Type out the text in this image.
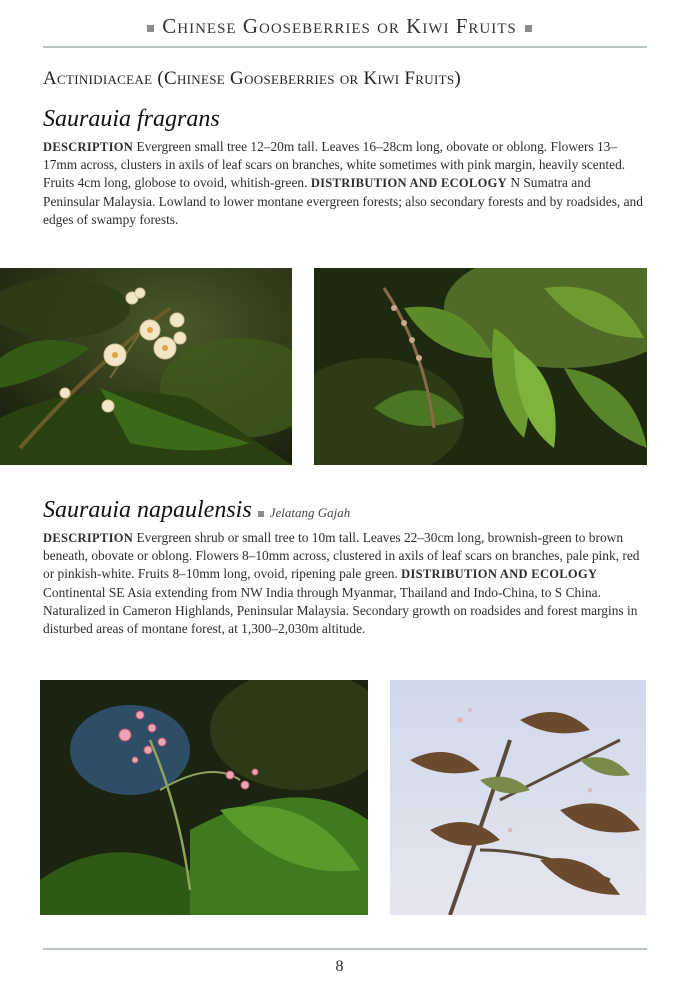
Chinese Gooseberries or Kiwi Fruits
Actinidiaceae (Chinese Gooseberries or Kiwi Fruits)
Saurauia fragrans
DESCRIPTION Evergreen small tree 12–20m tall. Leaves 16–28cm long, obovate or oblong. Flowers 13–17mm across, clusters in axils of leaf scars on branches, white sometimes with pink margin, heavily scented. Fruits 4cm long, globose to ovoid, whitish-green. DISTRIBUTION AND ECOLOGY N Sumatra and Peninsular Malaysia. Lowland to lower montane evergreen forests; also secondary forests and by roadsides, and edges of swampy forests.
Saurauia napaulensis Jelatang Gajah
DESCRIPTION Evergreen shrub or small tree to 10m tall. Leaves 22–30cm long, brownish-green to brown beneath, obovate or oblong. Flowers 8–10mm across, clustered in axils of leaf scars on branches, pale pink, red or pinkish-white. Fruits 8–10mm long, ovoid, ripening pale green. DISTRIBUTION AND ECOLOGY Continental SE Asia extending from NW India through Myanmar, Thailand and Indo-China, to S China. Naturalized in Cameron Highlands, Peninsular Malaysia. Secondary growth on roadsides and forest margins in disturbed areas of montane forest, at 1,300–2,030m altitude.
8
